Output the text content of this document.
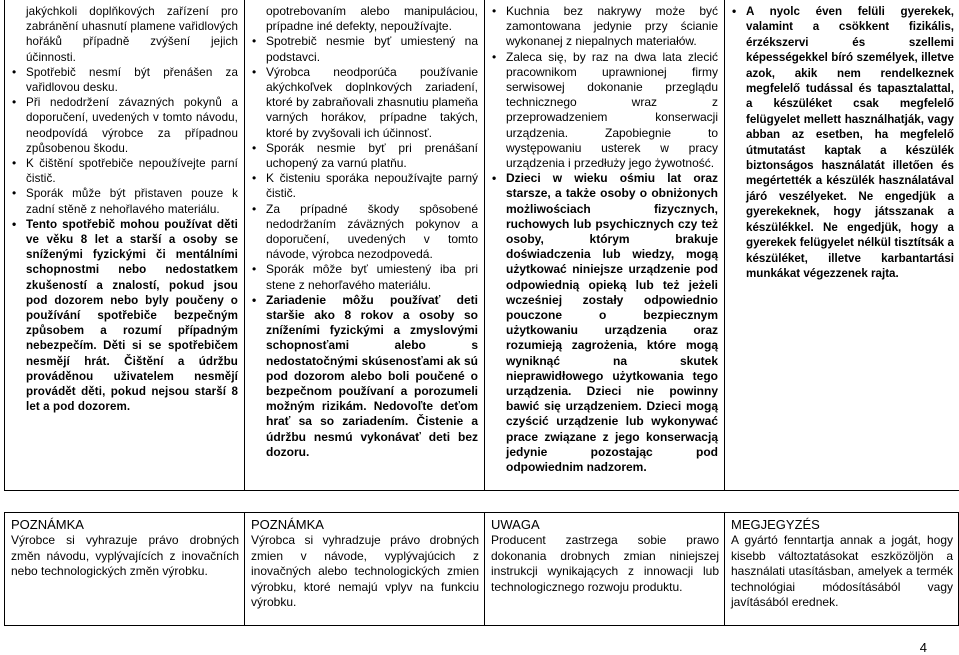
jakýchkoli doplňkových zařízení pro zabránění uhasnutí plamene vařidlových hořáků případně zvýšení jejich účinnosti.
• Spotřebič nesmí být přenášen za vařidlovou desku.
• Při nedodržení závazných pokynů a doporučení, uvedených v tomto návodu, neodpovídá výrobce za případnou způsobenou škodu.
• K čištění spotřebiče nepoužívejte parní čistič.
• Sporák může být přistaven pouze k zadní stěně z nehořlavého materiálu.
• Tento spotřebič mohou používat děti ve věku 8 let a starší a osoby se sníženými fyzickými či mentálními schopnostmi nebo nedostatkem zkušeností a znalostí, pokud jsou pod dozorem nebo byly poučeny o používání spotřebiče bezpečným způsobem a rozumí případným nebezpečím. Děti si se spotřebičem nesmějí hrát. Čištění a údržbu prováděnou uživatelem nesmějí provádět děti, pokud nejsou starší 8 let a pod dozorem.
opotrebovaním alebo manipuláciou, prípadne iné defekty, nepoužívajte.
• Spotrebič nesmie byť umiestený na podstavci.
• Výrobca neodporúča používanie akýchkoľvek doplnkových zariadení, ktoré by zabraňovali zhasnutiu plameňa varných horákov, prípadne takých, ktoré by zvyšovali ich účinnosť.
• Sporák nesmie byť pri prenášaní uchopený za varnú platňu.
• K čisteniu sporáka nepoužívajte parný čistič.
• Za prípadné škody spôsobené nedodržaním záväzných pokynov a doporučení, uvedených v tomto návode, výrobca nezodpovedá.
• Sporák môže byť umiestený iba pri stene z nehorľavého materiálu.
• Zariadenie môžu používať deti staršie ako 8 rokov a osoby so zníženími fyzickými a zmyslovými schopnosťami alebo s nedostatočnými skúsenosťami ak sú pod dozorom alebo boli poučené o bezpečnom používaní a porozumeli možným rizikám. Nedovoľte deťom hrať sa so zariadením. Čistenie a údržbu nesmú vykonávať deti bez dozoru.
• Kuchnia bez nakrywy może być zamontowana jedynie przy ścianie wykonanej z niepalnych materiałów.
• Zaleca się, by raz na dwa lata zlecić pracownikom uprawnionej firmy serwisowej dokonanie przeglądu technicznego wraz z przeprowadzeniem konserwacji urządzenia. Zapobiegnie to występowaniu usterek w pracy urządzenia i przedłuży jego żywotność.
• Dzieci w wieku ośmiu lat oraz starsze, a także osoby o obniżonych możliwościach fizycznych, ruchowych lub psychicznych czy też osoby, którym brakuje doświadczenia lub wiedzy, mogą użytkować niniejsze urządzenie pod odpowiednią opieką lub też jeżeli wcześniej zostały odpowiednio pouczone o bezpiecznym użytkowaniu urządzenia oraz rozumieją zagrożenia, które mogą wyniknąć na skutek nieprawidłowego użytkowania tego urządzenia. Dzieci nie powinny bawić się urządzeniem. Dzieci mogą czyścić urządzenie lub wykonywać prace związane z jego konserwacją jedynie pozostając pod odpowiednim nadzorem.
• A nyolc éven felüli gyerekek, valamint a csökkent fizikális, érzékszervi és szellemi képességekkel bíró személyek, illetve azok, akik nem rendelkeznek megfelelő tudással és tapasztalattal, a készüléket csak megfelelő felügyelet mellett használhatják, vagy abban az esetben, ha megfelelő útmutatást kaptak a készülék biztonságos használatát illetően és megértették a készülék használatával járó veszélyeket. Ne engedjük a gyerekeknek, hogy játsszanak a készülékkel. Ne engedjük, hogy a gyerekek felügyelet nélkül tisztítsák a készüléket, illetve karbantartási munkákat végezzenek rajta.
POZNÁMKA
Výrobce si vyhrazuje právo drobných změn návodu, vyplývajících z inovačních nebo technologických změn výrobku.
POZNÁMKA
Výrobca si vyhradzuje právo drobných zmien v návode, vyplývajúcich z inovačných alebo technologických zmien výrobku, ktoré nemajú vplyv na funkciu výrobku.
UWAGA
Producent zastrzega sobie prawo dokonania drobnych zmian niniejszej instrukcji wynikających z innowacji lub technologicznego rozwoju produktu.
MEGJEGYZÉS
A gyártó fenntartja annak a jogát, hogy kisebb változtatásokat eszközöljön a használati utasításban, amelyek a termék technológiai módosításából vagy javításából erednek.
4
